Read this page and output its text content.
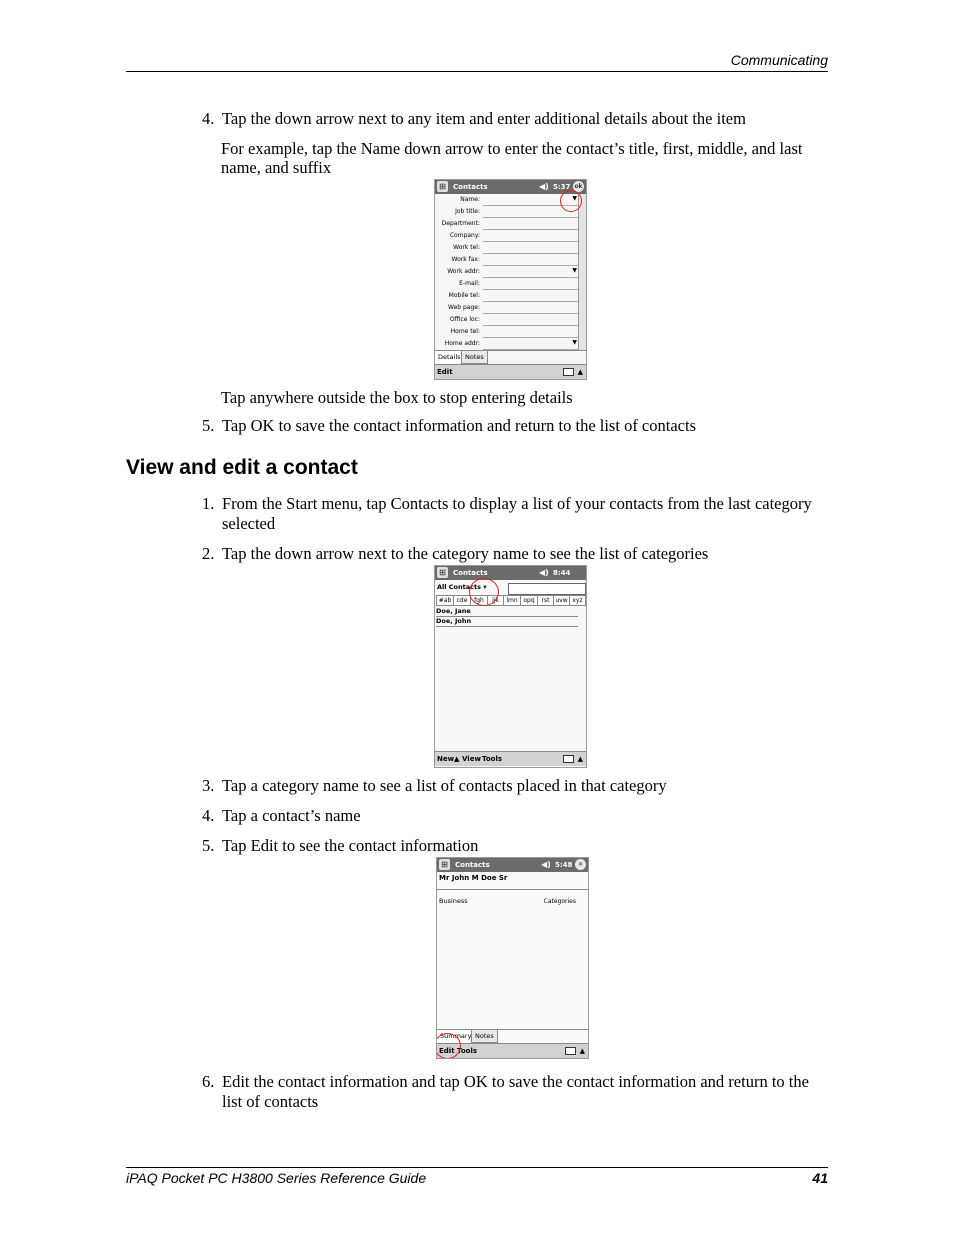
Communicating
4. Tap the down arrow next to any item and enter additional details about the item
For example, tap the Name down arrow to enter the contact’s title, first, middle, and last name, and suffix
⊞	Contacts	◀) 5:37 ok
Name:	▼
Job title:
Department:
Company:
Work tel:
Work fax:
Work addr:	▼
E-mail:
Mobile tel:
Web page:
Office loc:
Home tel:
Home addr:	▼
Details Notes
Edit	▲
Tap anywhere outside the box to stop entering details
5. Tap OK to save the contact information and return to the list of contacts
View and edit a contact
1. From the Start menu, tap Contacts to display a list of your contacts from the last category selected
2. Tap the down arrow next to the category name to see the list of categories
⊞	Contacts	◀) 8:44
All Contacts ▾
#ab cde	fgh	ijk	lmn opq	rst uvw xyz
Doe, Jane
Doe, John
New ▲ View Tools	▲
3. Tap a category name to see a list of contacts placed in that category
4. Tap a contact’s name
5. Tap Edit to see the contact information
⊞	Contacts	◀) 5:48 ✕
Mr John M Doe Sr
Business	Categories
Summary Notes
Edit Tools	▲
6. Edit the contact information and tap OK to save the contact information and return to the list of contacts
iPAQ Pocket PC H3800 Series Reference Guide	41
